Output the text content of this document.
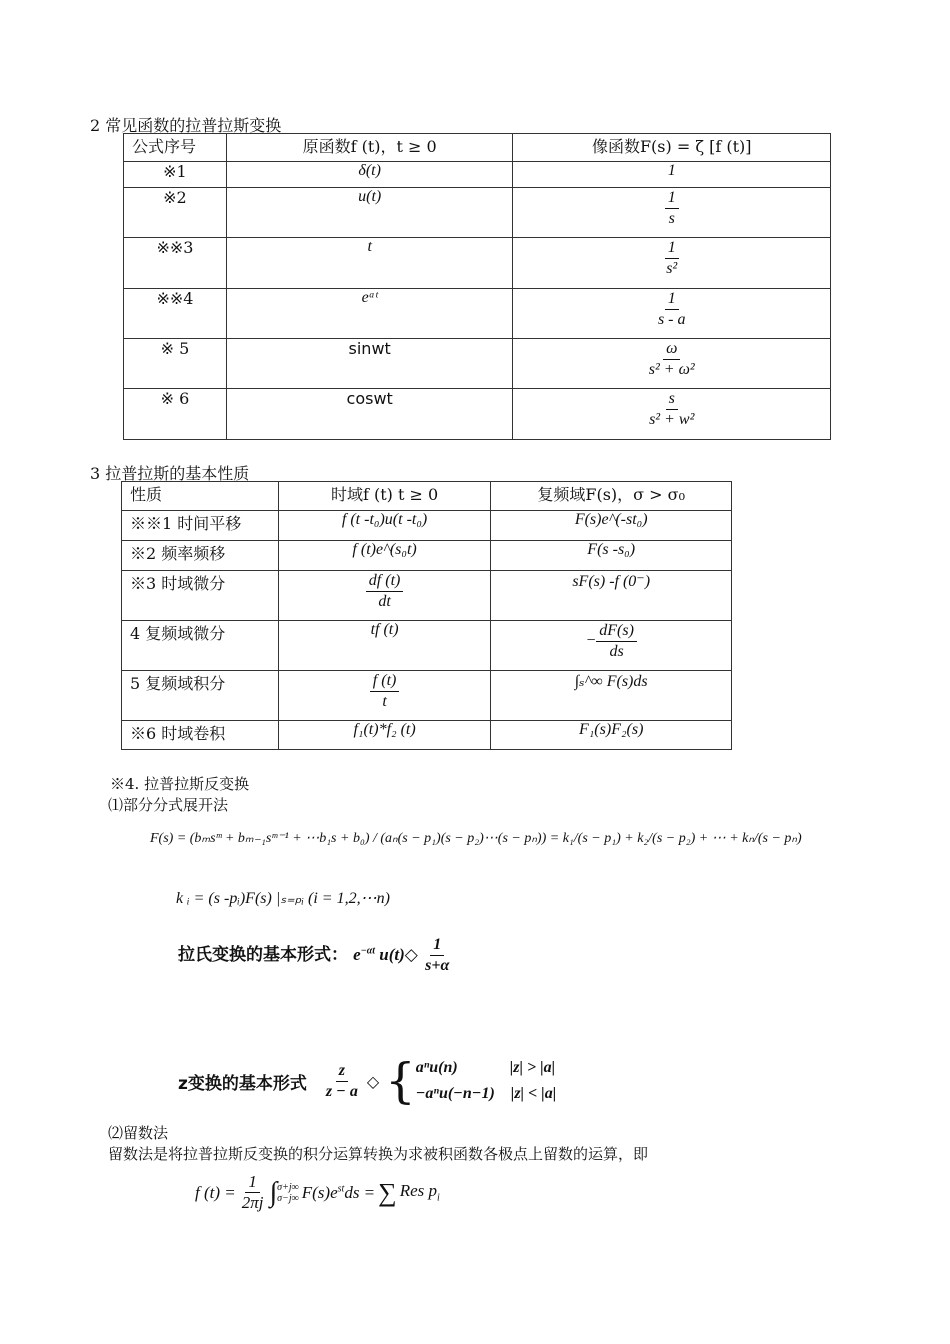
2 常见函数的拉普拉斯变换
公式序号	原函数f (t)，t ≥ 0	像函数F(s) = ζ [f (t)]
※1	δ(t)	1
※2	u(t)	$\frac{1}{s}$

※※3	t	$\frac{1}{\text{s²}}$

※※4	eᵃᵗ	$\frac{1}{s - a}$

※ 5	sinwt	$\frac{\omega}{\text{s² + ω²}}$

※ 6	coswt	$\frac{s}{\text{s² + w²}}$
3 拉普拉斯的基本性质
性质	时域f (t) t ≥ 0	复频域F(s)，σ > σ₀
※※1 时间平移	f (t -t₀)u(t -t₀)	F(s)e^(-st₀)
※2 频率频移	f (t)e^(s₀t)	F(s -s₀)
※3 时域微分	$\frac{df (t)}{dt}$	sF(s) -f (0⁻)
4 复频域微分	tf (t)	− $\frac{dF(s)}{ds}$

5 复频域积分	$\frac{f (t)}{t}$	∫ₛ^∞ F(s)ds
※6 时域卷积	f₁(t)*f₂ (t)	F₁(s)F₂(s)
※4. 拉普拉斯反变换
⑴部分分式展开法
F(s) = (bₘsᵐ + bₘ₋₁sᵐ⁻¹ + ⋯b₁s + b₀) / (aₙ(s − p₁)(s − p₂)⋯(s − pₙ)) = k₁/(s − p₁) + k₂/(s − p₂) + ⋯ + kₙ/(s − pₙ)
k ᵢ = (s -pᵢ)F(s) |ₛ₌ₚᵢ (i = 1,2,⋯n)
拉氏变换的基本形式： $e^{-\alpha t}$ u(t)◇ $\frac{1}{s+\alpha}$
z变换的基本形式 $\frac{z}{z - a}$ ◇ { aⁿu(n)             |z| > |a|
−aⁿu(−n−1)    |z| < |a|
⑵留数法
留数法是将拉普拉斯反变换的积分运算转换为求被积函数各极点上留数的运算，即
f $(t) = \frac{1}{2\pi j}$ ∫ σ+j∞
σ−j∞ $F(s)e^{st}ds$ = ∑ Res $p_i$
